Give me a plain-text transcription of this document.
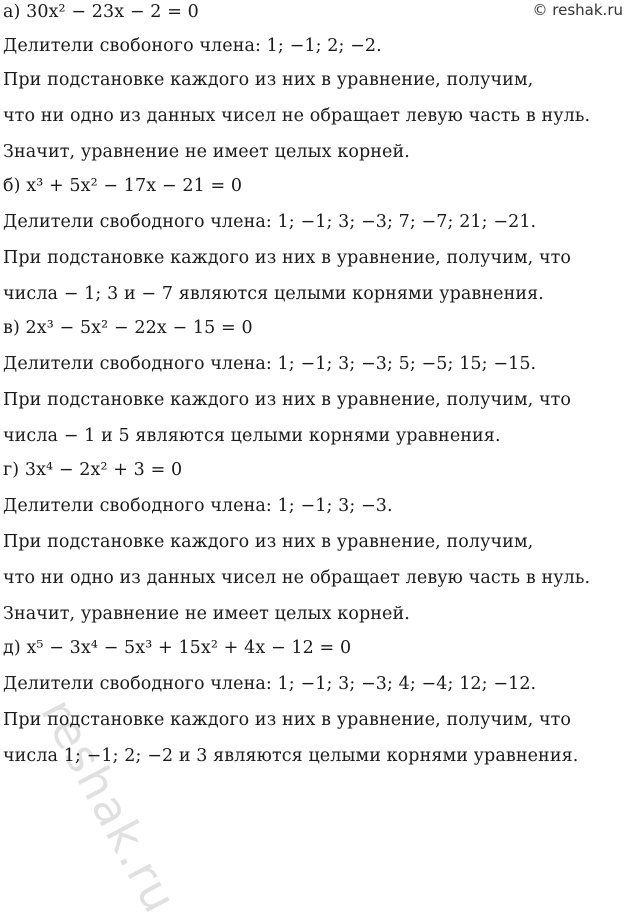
© reshak.ru
reshak.ru
а) 30x² − 23x − 2 = 0
Делители свобоного члена: 1; −1; 2; −2.
При подстановке каждого из них в уравнение, получим,
что ни одно из данных чисел не обращает левую часть в нуль.
Значит, уравнение не имеет целых корней.
б) x³ + 5x² − 17x − 21 = 0
Делители свободного члена: 1; −1; 3; −3; 7; −7; 21; −21.
При подстановке каждого из них в уравнение, получим, что
числа − 1; 3 и − 7 являются целыми корнями уравнения.
в) 2x³ − 5x² − 22x − 15 = 0
Делители свободного члена: 1; −1; 3; −3; 5; −5; 15; −15.
При подстановке каждого из них в уравнение, получим, что
числа − 1 и 5 являются целыми корнями уравнения.
г) 3x⁴ − 2x² + 3 = 0
Делители свободного члена: 1; −1; 3; −3.
При подстановке каждого из них в уравнение, получим,
что ни одно из данных чисел не обращает левую часть в нуль.
Значит, уравнение не имеет целых корней.
д) x⁵ − 3x⁴ − 5x³ + 15x² + 4x − 12 = 0
Делители свободного члена: 1; −1; 3; −3; 4; −4; 12; −12.
При подстановке каждого из них в уравнение, получим, что
числа 1; −1; 2; −2 и 3 являются целыми корнями уравнения.
